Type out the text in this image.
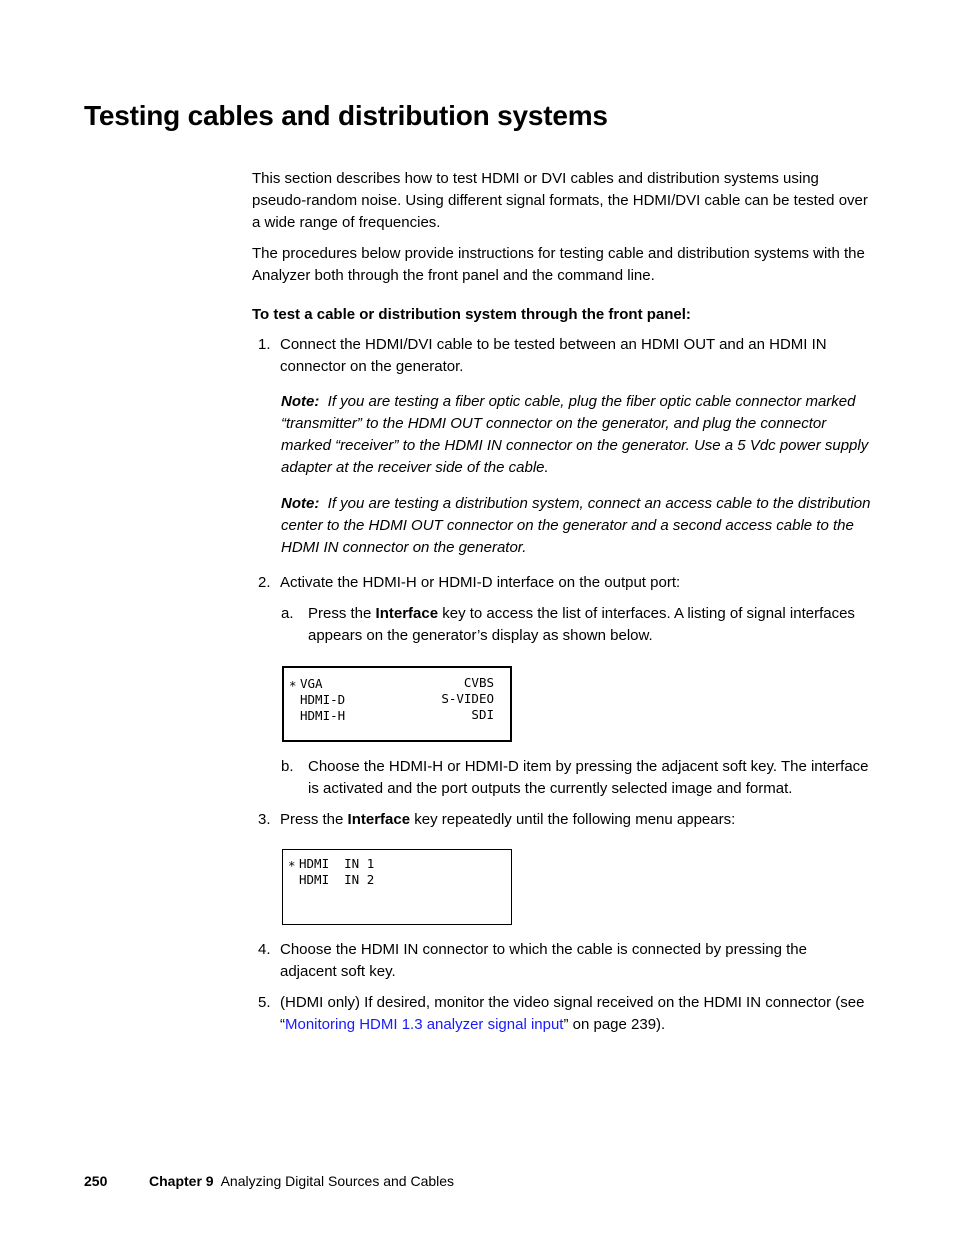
Testing cables and distribution systems

This section describes how to test HDMI or DVI cables and distribution systems using pseudo-random noise. Using different signal formats, the HDMI/DVI cable can be tested over a wide range of frequencies.

The procedures below provide instructions for testing cable and distribution systems with the Analyzer both through the front panel and the command line.

To test a cable or distribution system through the front panel:

1. Connect the HDMI/DVI cable to be tested between an HDMI OUT and an HDMI IN connector on the generator.

Note: If you are testing a fiber optic cable, plug the fiber optic cable connector marked “transmitter” to the HDMI OUT connector on the generator, and plug the connector marked “receiver” to the HDMI IN connector on the generator. Use a 5 Vdc power supply adapter at the receiver side of the cable.

Note: If you are testing a distribution system, connect an access cable to the distribution center to the HDMI OUT connector on the generator and a second access cable to the HDMI IN connector on the generator.

2. Activate the HDMI-H or HDMI-D interface on the output port:

a. Press the Interface key to access the list of interfaces. A listing of signal interfaces appears on the generator’s display as shown below.

* VGA
HDMI-D
HDMI-H
CVBS
S-VIDEO
SDI
b. Choose the HDMI-H or HDMI-D item by pressing the adjacent soft key. The interface is activated and the port outputs the currently selected image and format.

3. Press the Interface key repeatedly until the following menu appears:

* HDMI  IN 1
HDMI  IN 2
4. Choose the HDMI IN connector to which the cable is connected by pressing the adjacent soft key.

5. (HDMI only) If desired, monitor the video signal received on the HDMI IN connector (see “Monitoring HDMI 1.3 analyzer signal input” on page 239).

250	Chapter 9 Analyzing Digital Sources and Cables
